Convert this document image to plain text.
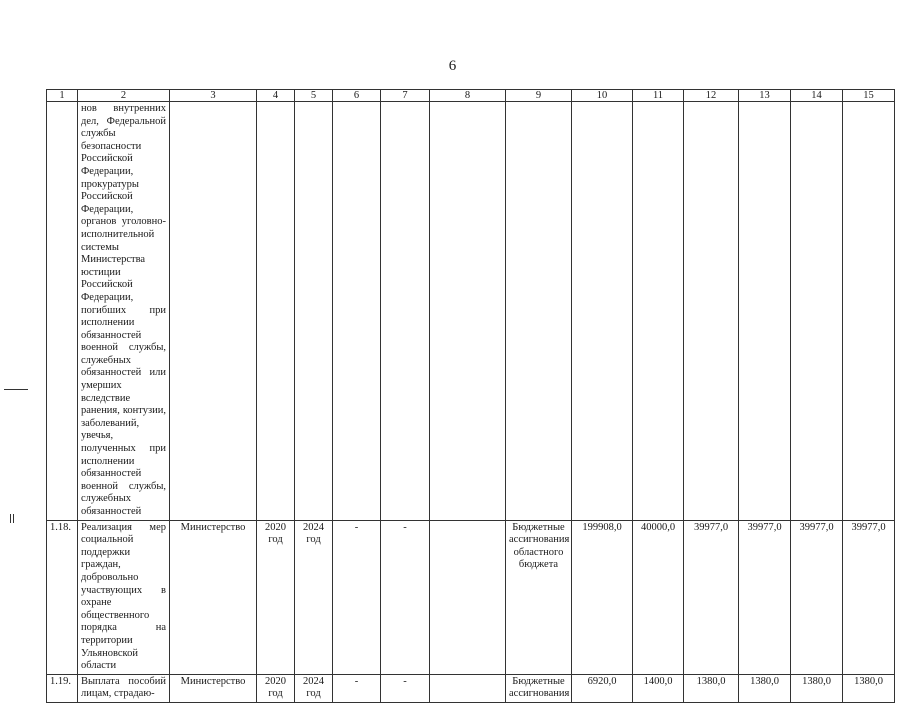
6
1	2	3	4	5	6	7	8	9	10	11	12	13	14	15
	нов внутренних дел, Федеральной службы безопасности Российской Федерации, прокуратуры Российской Федерации, органов уголовно-исполнительной системы Министерства юстиции Российской Федерации, погибших при исполнении обязанностей военной службы, служебных обязанностей или умерших вследствие ранения, контузии, заболеваний, увечья, полученных при исполнении обязанностей военной службы, служебных обязанностей													
1.18.	Реализация мер социальной поддержки граждан, добровольно участвующих в охране общественного порядка на территории Ульяновской области	Министерство	2020 год	2024 год	-	-		Бюджетные ассигнования областного бюджета	199908,0	40000,0	39977,0	39977,0	39977,0	39977,0
1.19.	Выплата пособий лицам, страдаю-	Министерство	2020 год	2024 год	-	-		Бюджетные ассигнования	6920,0	1400,0	1380,0	1380,0	1380,0	1380,0
